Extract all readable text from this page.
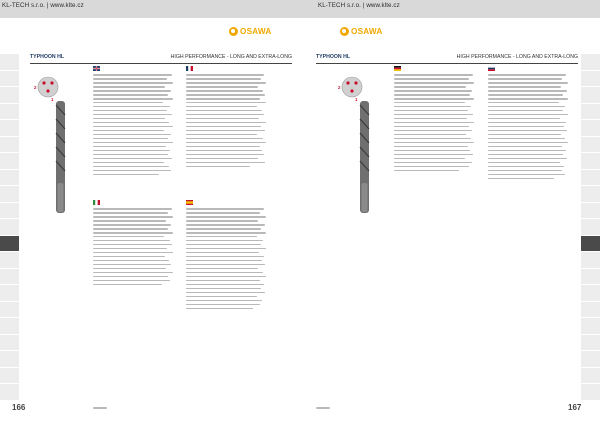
KL-TECH s.r.o. | www.klte.cz	KL-TECH s.r.o. | www.klte.cz
OSAWA
TYPHOON HL	HIGH PERFORMANCE - LONG AND EXTRA-LONG
2
1
166
OSAWA
TYPHOON HL	HIGH PERFORMANCE - LONG AND EXTRA-LONG
2
1
167
